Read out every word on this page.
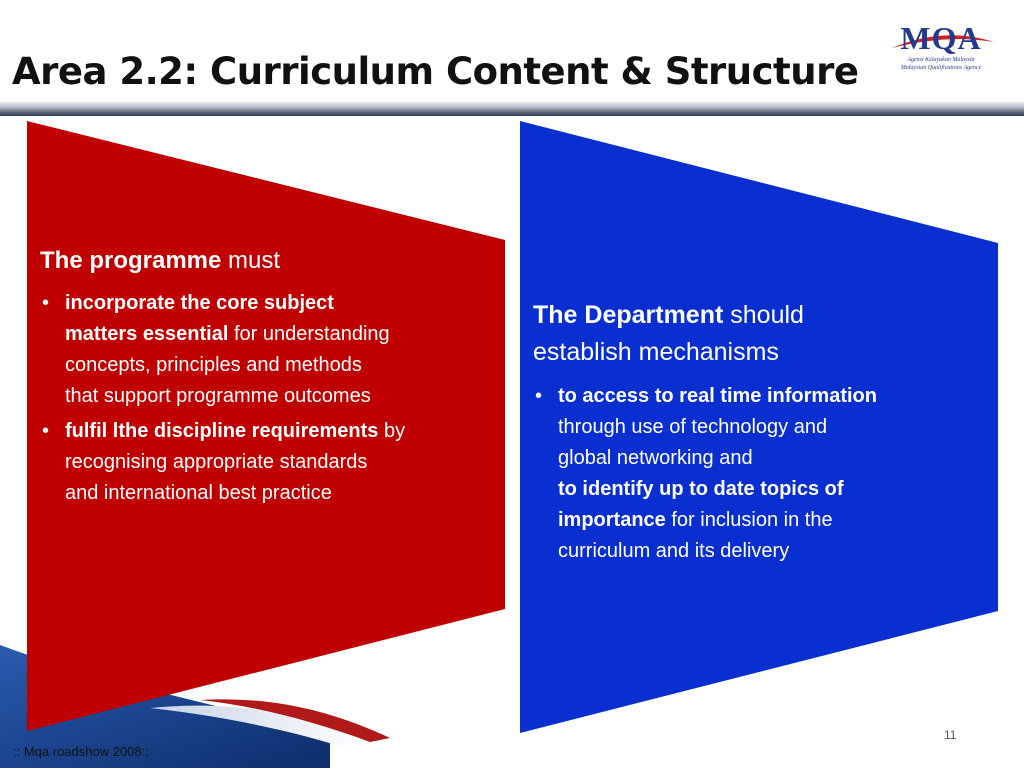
Area 2.2: Curriculum Content & Structure
MQA
Agensi Kelayakan Malaysia
Malaysian Qualifications Agency
The programme must
• incorporate the core subject
matters essential for understanding
concepts, principles and methods
that support programme outcomes
• fulfil lthe discipline requirements by
recognising appropriate standards
and international best practice
The Department should
establish mechanisms
• to access to real time information
through use of technology and
global networking and
to identify up to date topics of
importance for inclusion in the
curriculum and its delivery
11
:: Mqa roadshow 2008::
